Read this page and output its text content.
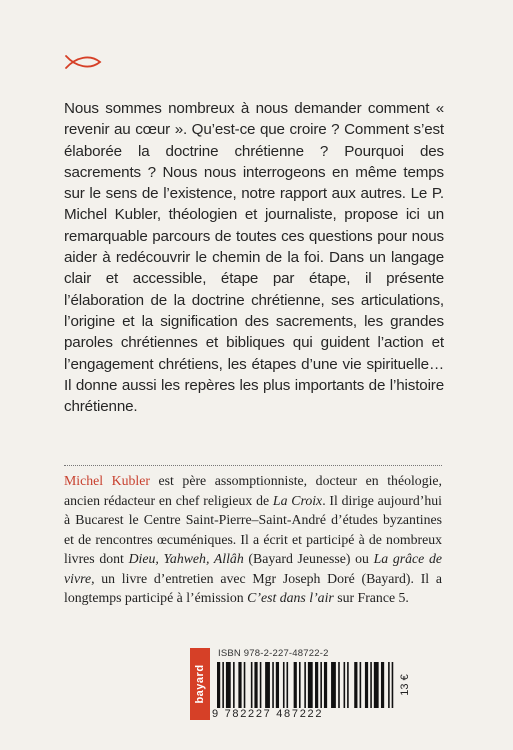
Nous sommes nombreux à nous demander comment « revenir au cœur ». Qu’est-ce que croire ? Comment s’est élaborée la doctrine chrétienne ? Pourquoi des sacrements ? Nous nous interrogeons en même temps sur le sens de l’existence, notre rapport aux autres. Le P. Michel Kubler, théologien et journaliste, propose ici un remarquable parcours de toutes ces questions pour nous aider à redécouvrir le chemin de la foi. Dans un langage clair et accessible, étape par étape, il présente l’élaboration de la doctrine chrétienne, ses articulations, l’origine et la signification des sacrements, les grandes paroles chrétiennes et bibliques qui guident l’action et l’engagement chrétiens, les étapes d’une vie spirituelle… Il donne aussi les repères les plus importants de l’histoire chrétienne.

Michel Kubler est père assomptionniste, docteur en théologie, ancien rédacteur en chef religieux de La Croix. Il dirige aujourd’hui à Bucarest le Centre Saint-Pierre–Saint-André d’études byzantines et de rencontres œcuméniques. Il a écrit et participé à de nombreux livres dont Dieu, Yahweh, Allâh (Bayard Jeunesse) ou La grâce de vivre, un livre d’entretien avec Mgr Joseph Doré (Bayard). Il a longtemps participé à l’émission C’est dans l’air sur France 5.

bayard
ISBN 978-2-227-48722-2
9 782227 487222
13 €
